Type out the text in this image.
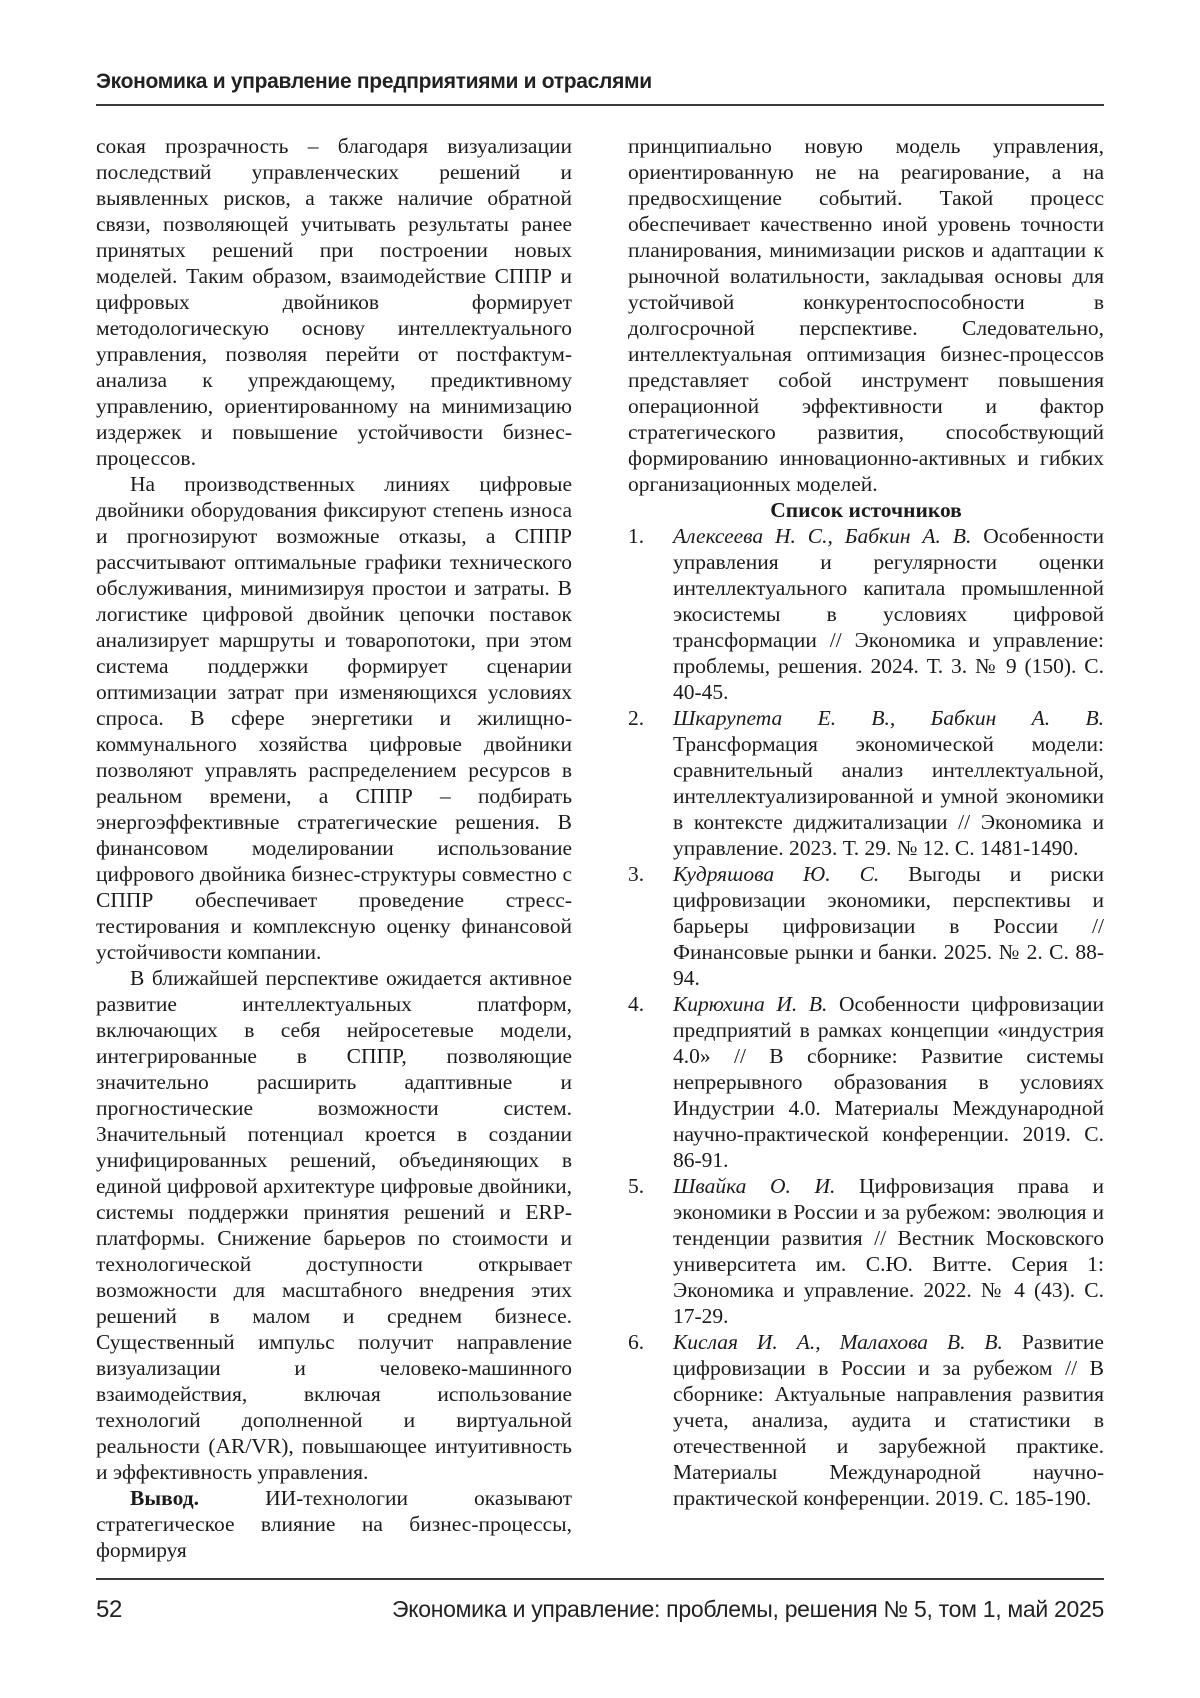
Экономика и управление предприятиями и отраслями

сокая прозрачность – благодаря визуализации последствий управленческих решений и выявленных рисков, а также наличие обратной связи, позволяющей учитывать результаты ранее принятых решений при построении новых моделей. Таким образом, взаимодействие СППР и цифровых двойников формирует методологическую основу интеллектуального управления, позволяя перейти от постфактум-анализа к упреждающему, предиктивному управлению, ориентированному на минимизацию издержек и повышение устойчивости бизнес-процессов.

На производственных линиях цифровые двойники оборудования фиксируют степень износа и прогнозируют возможные отказы, а СППР рассчитывают оптимальные графики технического обслуживания, минимизируя простои и затраты. В логистике цифровой двойник цепочки поставок анализирует маршруты и товаропотоки, при этом система поддержки формирует сценарии оптимизации затрат при изменяющихся условиях спроса. В сфере энергетики и жилищно-коммунального хозяйства цифровые двойники позволяют управлять распределением ресурсов в реальном времени, а СППР – подбирать энергоэффективные стратегические решения. В финансовом моделировании использование цифрового двойника бизнес-структуры совместно с СППР обеспечивает проведение стресс-тестирования и комплексную оценку финансовой устойчивости компании.

В ближайшей перспективе ожидается активное развитие интеллектуальных платформ, включающих в себя нейросетевые модели, интегрированные в СППР, позволяющие значительно расширить адаптивные и прогностические возможности систем. Значительный потенциал кроется в создании унифицированных решений, объединяющих в единой цифровой архитектуре цифровые двойники, системы поддержки принятия решений и ERP-платформы. Снижение барьеров по стоимости и технологической доступности открывает возможности для масштабного внедрения этих решений в малом и среднем бизнесе. Существенный импульс получит направление визуализации и человеко-машинного взаимодействия, включая использование технологий дополненной и виртуальной реальности (AR/VR), повышающее интуитивность и эффективность управления.

Вывод. ИИ-технологии оказывают стратегическое влияние на бизнес-процессы, формируя

принципиально новую модель управления, ориентированную не на реагирование, а на предвосхищение событий. Такой процесс обеспечивает качественно иной уровень точности планирования, минимизации рисков и адаптации к рыночной волатильности, закладывая основы для устойчивой конкурентоспособности в долгосрочной перспективе. Следовательно, интеллектуальная оптимизация бизнес-процессов представляет собой инструмент повышения операционной эффективности и фактор стратегического развития, способствующий формированию инновационно-активных и гибких организационных моделей.

Список источников

1.	Алексеева Н. С., Бабкин А. В. Особенности управления и регулярности оценки интеллектуального капитала промышленной экосистемы в условиях цифровой трансформации // Экономика и управление: проблемы, решения. 2024. Т. 3. № 9 (150). С. 40-45.
2.	Шкарупета Е. В., Бабкин А. В. Трансформация экономической модели: сравнительный анализ интеллектуальной, интеллектуализированной и умной экономики в контексте диджитализации // Экономика и управление. 2023. Т. 29. № 12. С. 1481-1490.
3.	Кудряшова Ю. С. Выгоды и риски цифровизации экономики, перспективы и барьеры цифровизации в России // Финансовые рынки и банки. 2025. № 2. С. 88-94.
4.	Кирюхина И. В. Особенности цифровизации предприятий в рамках концепции «индустрия 4.0» // В сборнике: Развитие системы непрерывного образования в условиях Индустрии 4.0. Материалы Международной научно-практической конференции. 2019. С. 86-91.
5.	Швайка О. И. Цифровизация права и экономики в России и за рубежом: эволюция и тенденции развития // Вестник Московского университета им. С.Ю. Витте. Серия 1: Экономика и управление. 2022. № 4 (43). С. 17-29.
6.	Кислая И. А., Малахова В. В. Развитие цифровизации в России и за рубежом // В сборнике: Актуальные направления развития учета, анализа, аудита и статистики в отечественной и зарубежной практике. Материалы Международной научно-практической конференции. 2019. С. 185-190.
52	Экономика и управление: проблемы, решения № 5, том 1, май 2025
